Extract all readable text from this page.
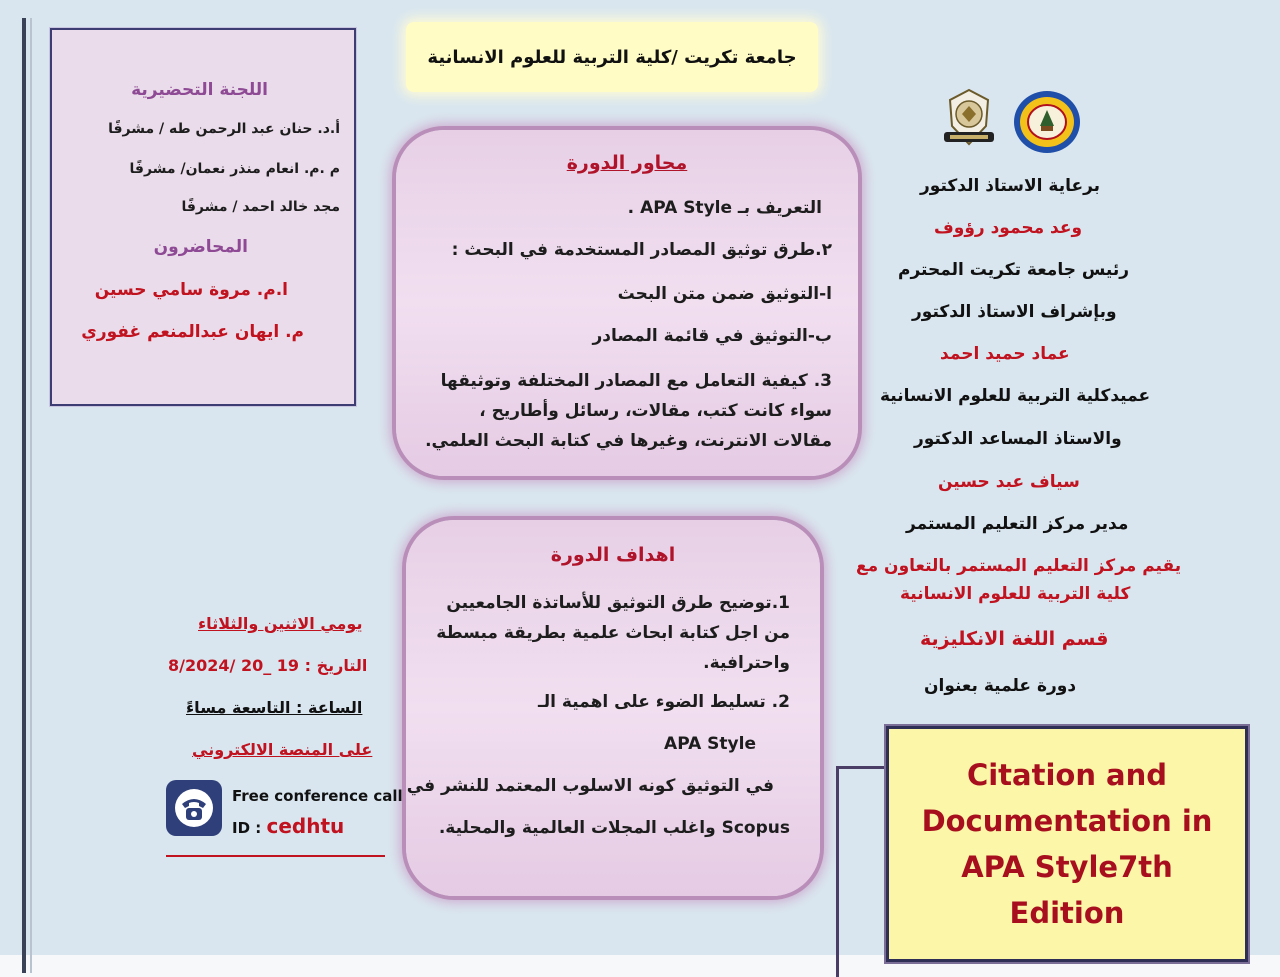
جامعة تكريت /كلية التربية للعلوم الانسانية
اللجنة التحضيرية
أ.د. حنان عبد الرحمن طه / مشرفًا
م .م. انعام منذر نعمان/ مشرفًا
مجد خالد احمد / مشرفًا
المحاضرون
ا.م. مروة سامي حسين
م. ايهان عبدالمنعم غفوري
محاور الدورة
التعريف بـ APA Style .
٢.طرق توثيق المصادر المستخدمة في البحث :
ا-التوثيق ضمن متن البحث
ب-التوثيق في قائمة المصادر
3. كيفية التعامل مع المصادر المختلفة وتوثيقها سواء كانت كتب، مقالات، رسائل وأطاريح ، مقالات الانترنت، وغيرها في كتابة البحث العلمي.
اهداف الدورة
1.توضيح طرق التوثيق للأساتذة الجامعيين من اجل كتابة ابحاث علمية بطريقة مبسطة واحترافية.
2. تسليط الضوء على اهمية الـ
APA Style
في التوثيق كونه الاسلوب المعتمد للنشر في
Scopus واغلب المجلات العالمية والمحلية.
برعاية الاستاذ الدكتور
وعد محمود رؤوف
رئيس جامعة تكريت المحترم
وبإشراف الاستاذ الدكتور
عماد حميد احمد
عميدكلية التربية للعلوم الانسانية
والاستاذ المساعد الدكتور
سياف عبد حسين
مدير مركز التعليم المستمر
يقيم مركز التعليم المستمر بالتعاون مع
كلية التربية للعلوم الانسانية
قسم اللغة الانكليزية
دورة علمية بعنوان
يومي الاثنين والثلاثاء
التاريخ : 19 _20 /8/2024
الساعة : التاسعة مساءً
على المنصة الالكتروني
Free conference call
ID : cedhtu
Citation and Documentation in APA Style7th Edition
